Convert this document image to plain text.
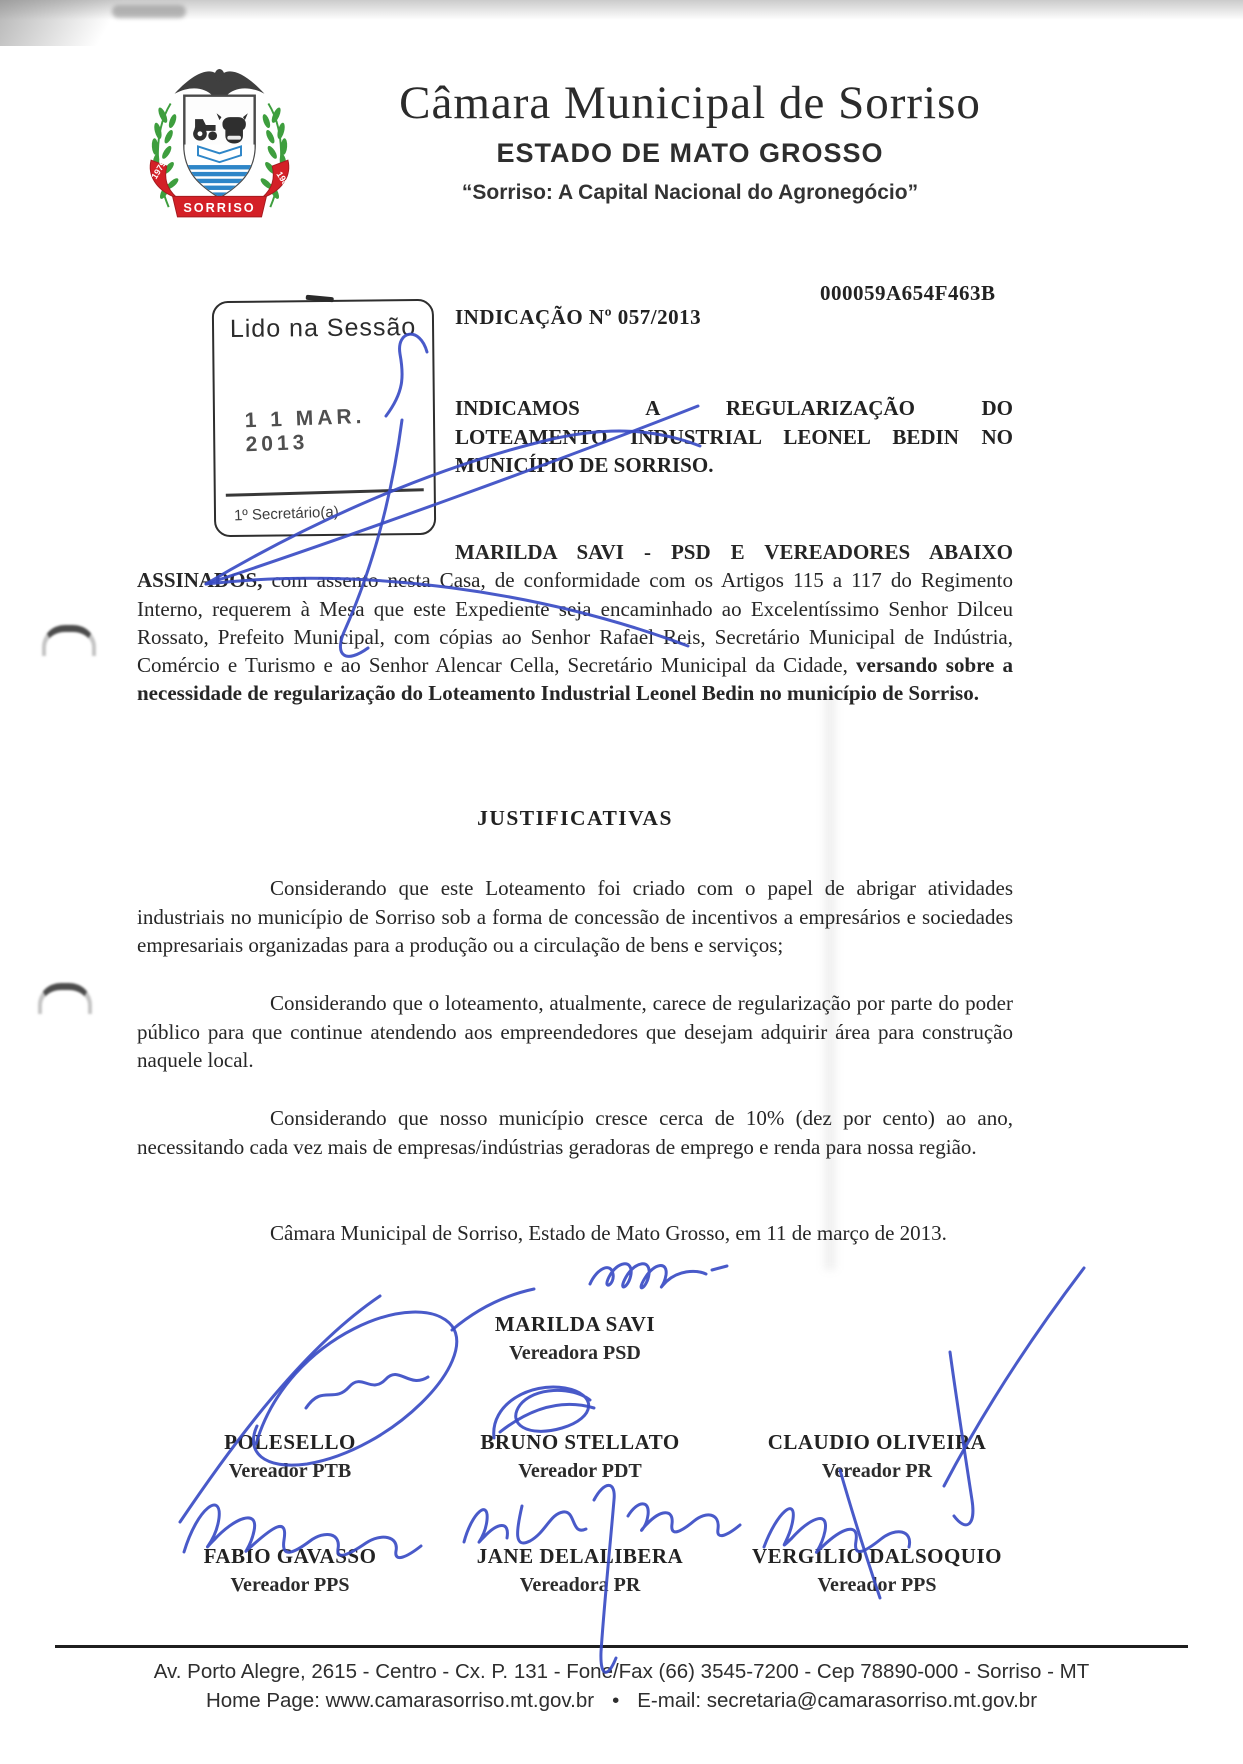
SORRISO
1979	1986
Câmara Municipal de Sorriso
ESTADO DE MATO GROSSO
“Sorriso: A Capital Nacional do Agronegócio”
000059A654F463B
Lido na Sessão
1 1 MAR. 2013
1º Secretário(a)
INDICAÇÃO Nº 057/2013
INDICAMOS A REGULARIZAÇÃO DO
LOTEAMENTO INDUSTRIAL LEONEL BEDIN NO
MUNICÍPIO DE SORRISO.
MARILDA SAVI - PSD E VEREADORES ABAIXO
ASSINADOS, com assento nesta Casa, de conformidade com os Artigos 115 a 117 do Regimento Interno, requerem à Mesa que este Expediente seja encaminhado ao Excelentíssimo Senhor Dilceu Rossato, Prefeito Municipal, com cópias ao Senhor Rafael Reis, Secretário Municipal de Indústria, Comércio e Turismo e ao Senhor Alencar Cella, Secretário Municipal da Cidade, versando sobre a necessidade de regularização do Loteamento Industrial Leonel Bedin no município de Sorriso.
JUSTIFICATIVAS
Considerando que este Loteamento foi criado com o papel de abrigar atividades industriais no município de Sorriso sob a forma de concessão de incentivos a empresários e sociedades empresariais organizadas para a produção ou a circulação de bens e serviços;
Considerando que o loteamento, atualmente, carece de regularização por parte do poder público para que continue atendendo aos empreendedores que desejam adquirir área para construção naquele local.
Considerando que nosso município cresce cerca de 10% (dez por cento) ao ano, necessitando cada vez mais de empresas/indústrias geradoras de emprego e renda para nossa região.
Câmara Municipal de Sorriso, Estado de Mato Grosso, em 11 de março de 2013.
MARILDA SAVI
Vereadora PSD
POLESELLO
Vereador PTB
BRUNO STELLATO
Vereador PDT
CLAUDIO OLIVEIRA
Vereador PR
FABIO GAVASSO
Vereador PPS
JANE DELALIBERA
Vereadora PR
VERGILIO DALSOQUIO
Vereador PPS
Av. Porto Alegre, 2615 - Centro - Cx. P. 131 - Fone/Fax (66) 3545-7200 - Cep 78890-000 - Sorriso - MT
Home Page: www.camarasorriso.mt.gov.br • E-mail: secretaria@camarasorriso.mt.gov.br
